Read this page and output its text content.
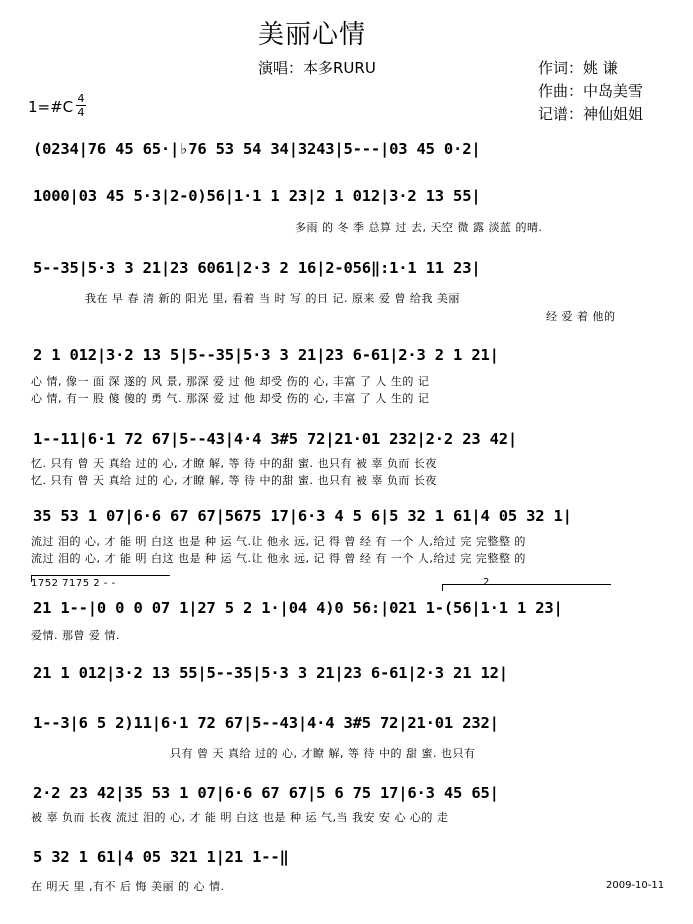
美丽心情
演唱：本多RURU	作词：姚 谦
作曲：中岛美雪
记谱：神仙姐姐
1=#C 4
4
(0234|76 45 65·|♭76 53 54 34|3243|5---|03 45 0·2|
1000|03 45 5·3|2-0)56|1·1 1 23|2 1 012|3·2 13 55|
多雨 的 冬 季 总算 过 去, 天空 微 露 淡蓝 的晴.
5--35|5·3 3 21|23 6061|2·3 2 16|2-056‖:1·1 11 23|
我在 早 春 清 新的 阳光 里, 看着 当 时 写 的日 记. 原来 爱 曾 给我 美丽
经 爱 着 他的
2 1 012|3·2 13 5|5--35|5·3 3 21|23 6-61|2·3 2 1 21|
心 情, 像一 面 深 遂的 风 景, 那深 爱 过 他 却受 伤的 心, 丰富 了 人 生的 记
心 情, 有一 股 傻 傻的 勇 气. 那深 爱 过 他 却受 伤的 心, 丰富 了 人 生的 记
1--11|6·1 72 67|5--43|4·4 3#5 72|21·01 232|2·2 23 42|
忆. 只有 曾 天 真给 过的 心, 才瞭 解, 等 待 中的甜 蜜. 也只有 被 辜 负而 长夜
忆. 只有 曾 天 真给 过的 心, 才瞭 解, 等 待 中的甜 蜜. 也只有 被 辜 负而 长夜
35 53 1 07|6·6 67 67|5675 17|6·3 4 5 6|5 32 1 61|4 05 32 1|
流过 泪的 心, 才 能 明 白这 也是 种 运 气.让 他永 远, 记 得 曾 经 有 一个 人,给过 完 完整整 的
流过 泪的 心, 才 能 明 白这 也是 种 运 气.让 他永 远, 记 得 曾 经 有 一个 人,给过 完 完整整 的
1752 7175 2 - -	2
21 1--|0 0 0 07 1|27 5 2 1·|04 4)0 56:|021 1-(56|1·1 1 23|
爱情. 那曾 爱 情.
21 1 012|3·2 13 55|5--35|5·3 3 21|23 6-61|2·3 21 12|
1--3|6 5 2)11|6·1 72 67|5--43|4·4 3#5 72|21·01 232|
只有 曾 天 真给 过的 心, 才瞭 解, 等 待 中的 甜 蜜. 也只有
2·2 23 42|35 53 1 07|6·6 67 67|5 6 75 17|6·3 45 65|
被 辜 负而 长夜 流过 泪的 心, 才 能 明 白这 也是 种 运 气,当 我安 安 心 心的 走
5 32 1 61|4 05 321 1|21 1--‖
在 明天 里 ,有不 后 悔 美丽 的 心 情.	2009-10-11
